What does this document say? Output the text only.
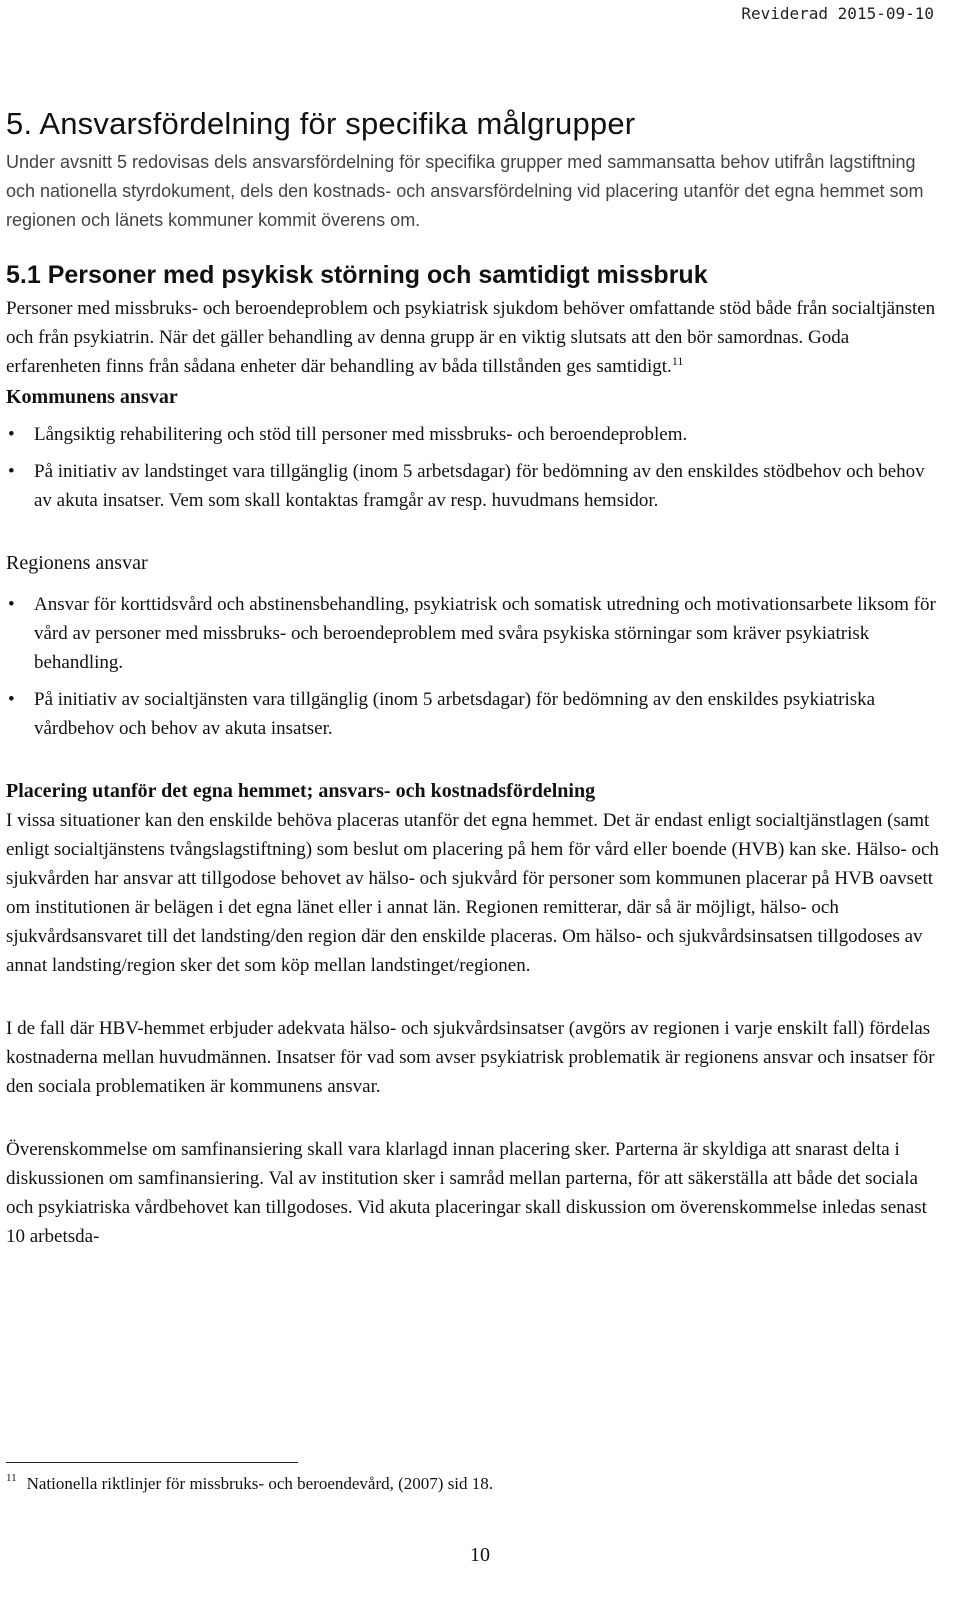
Reviderad 2015-09-10
5. Ansvarsfördelning för specifika målgrupper

Under avsnitt 5 redovisas dels ansvarsfördelning för specifika grupper med sammansatta behov utifrån lagstiftning och nationella styrdokument, dels den kostnads- och ansvarsfördelning vid placering utanför det egna hemmet som regionen och länets kommuner kommit överens om.

5.1 Personer med psykisk störning och samtidigt missbruk

Personer med missbruks- och beroendeproblem och psykiatrisk sjukdom behöver omfattande stöd både från socialtjänsten och från psykiatrin. När det gäller behandling av denna grupp är en viktig slutsats att den bör samordnas. Goda erfarenheten finns från sådana enheter där behandling av båda tillstånden ges samtidigt.$^{11}$

Kommunens ansvar
• Långsiktig rehabilitering och stöd till personer med missbruks- och beroendeproblem.
• På initiativ av landstinget vara tillgänglig (inom 5 arbetsdagar) för bedömning av den enskildes stödbehov och behov av akuta insatser. Vem som skall kontaktas framgår av resp. huvudmans hemsidor.
Regionens ansvar
• Ansvar för korttidsvård och abstinensbehandling, psykiatrisk och somatisk utredning och motivationsarbete liksom för vård av personer med missbruks- och beroendeproblem med svåra psykiska störningar som kräver psykiatrisk behandling.
• På initiativ av socialtjänsten vara tillgänglig (inom 5 arbetsdagar) för bedömning av den enskildes psykiatriska vårdbehov och behov av akuta insatser.
Placering utanför det egna hemmet; ansvars- och kostnadsfördelning

I vissa situationer kan den enskilde behöva placeras utanför det egna hemmet. Det är endast enligt socialtjänstlagen (samt enligt socialtjänstens tvångslagstiftning) som beslut om placering på hem för vård eller boende (HVB) kan ske. Hälso- och sjukvården har ansvar att tillgodose behovet av hälso- och sjukvård för personer som kommunen placerar på HVB oavsett om institutionen är belägen i det egna länet eller i annat län. Regionen remitterar, där så är möjligt, hälso- och sjukvårdsansvaret till det landsting/den region där den enskilde placeras. Om hälso- och sjukvårdsinsatsen tillgodoses av annat landsting/region sker det som köp mellan landstinget/regionen.

I de fall där HBV-hemmet erbjuder adekvata hälso- och sjukvårdsinsatser (avgörs av regionen i varje enskilt fall) fördelas kostnaderna mellan huvudmännen. Insatser för vad som avser psykiatrisk problematik är regionens ansvar och insatser för den sociala problematiken är kommunens ansvar.

Överenskommelse om samfinansiering skall vara klarlagd innan placering sker. Parterna är skyldiga att snarast delta i diskussionen om samfinansiering. Val av institution sker i samråd mellan parterna, för att säkerställa att både det sociala och psykiatriska vårdbehovet kan tillgodoses. Vid akuta placeringar skall diskussion om överenskommelse inledas senast 10 arbetsda-

$^{11}$ Nationella riktlinjer för missbruks- och beroendevård, (2007) sid 18.
10
